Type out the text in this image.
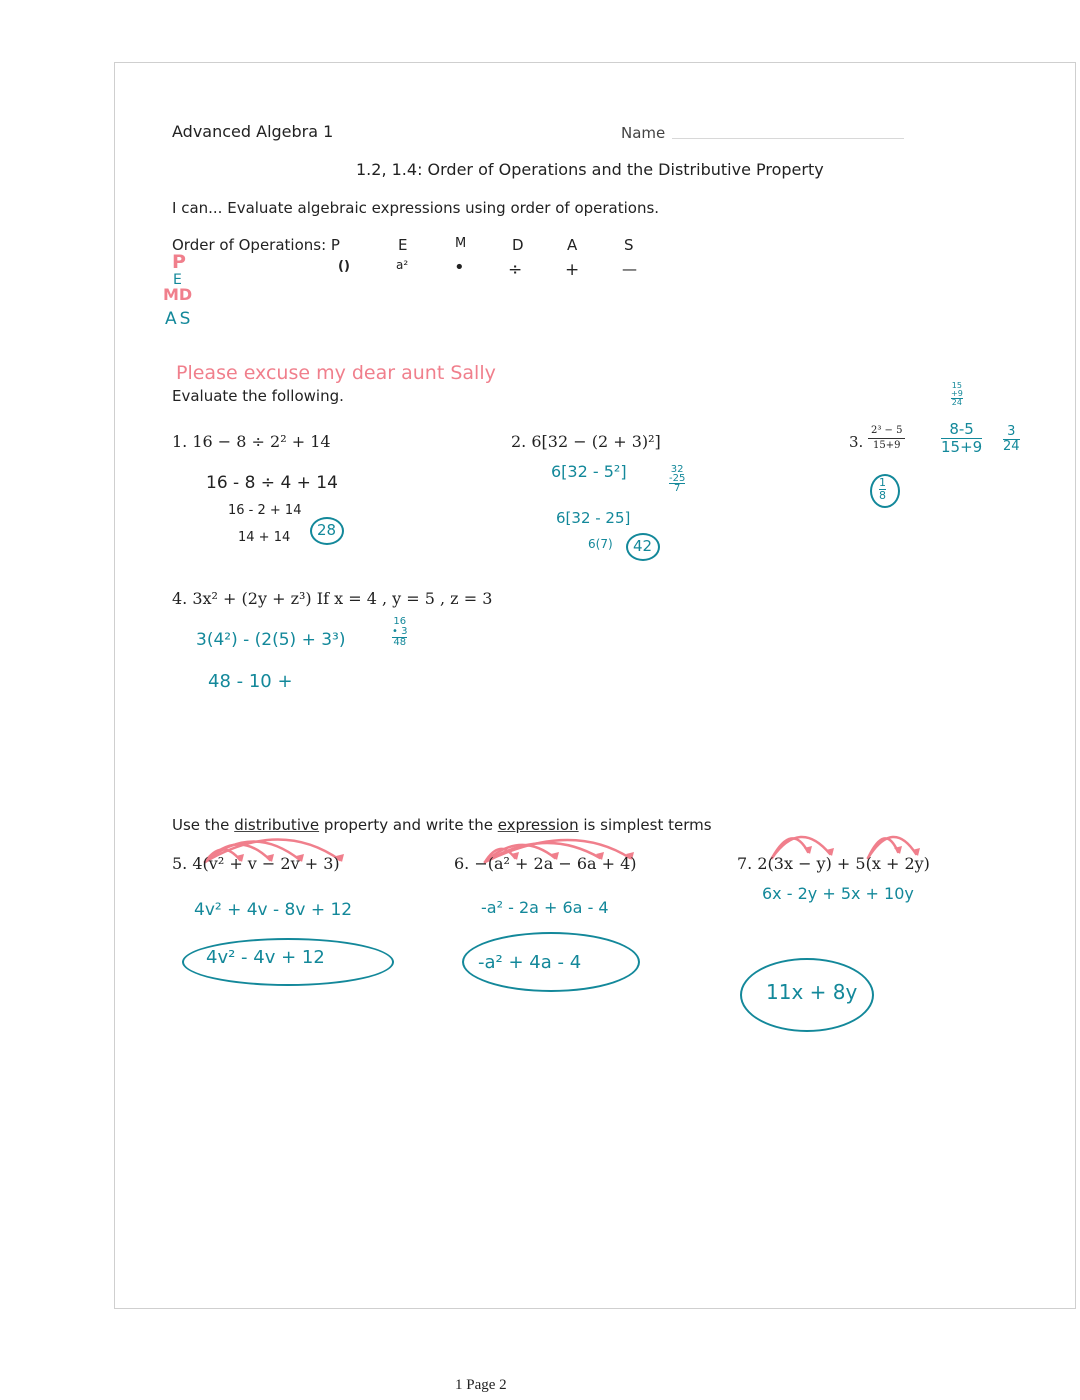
Advanced Algebra 1	Name
1.2, 1.4: Order of Operations and the Distributive Property
I can... Evaluate algebraic expressions using order of operations.
Order of Operations: P	E	M	D	A	S
()	a²	•	÷	+	—
P
E
MD
AS
Please excuse my dear aunt Sally
Evaluate the following.
1. 16 − 8 ÷ 2² + 14
16 - 8 ÷ 4 + 14
16 - 2 + 14
14 + 14 28
2. 6[32 − (2 + 3)²]
6[32 - 5²]
6[32 - 25]
6(7) 42
32
-25
7
3. $\frac{\text{2³ − 5}}{15+9}$
$\frac{1}{8}$
$\frac{8-5}{15+9} \frac{3}{24}$
15
+9
24
4. 3x² + (2y + z³) If x = 4 , y = 5 , z = 3
3(4²) - (2(5) + 3³)
48 - 10 +
16
• 3
48
Use the distributive property and write the expression is simplest terms
5. 4(v² + v − 2v + 3)
4v² + 4v - 8v + 12
4v² - 4v + 12
6. −(a² + 2a − 6a + 4)
-a² - 2a + 6a - 4
-a² + 4a - 4
7. 2(3x − y) + 5(x + 2y)
6x - 2y + 5x + 10y
11x + 8y
1 Page 2
